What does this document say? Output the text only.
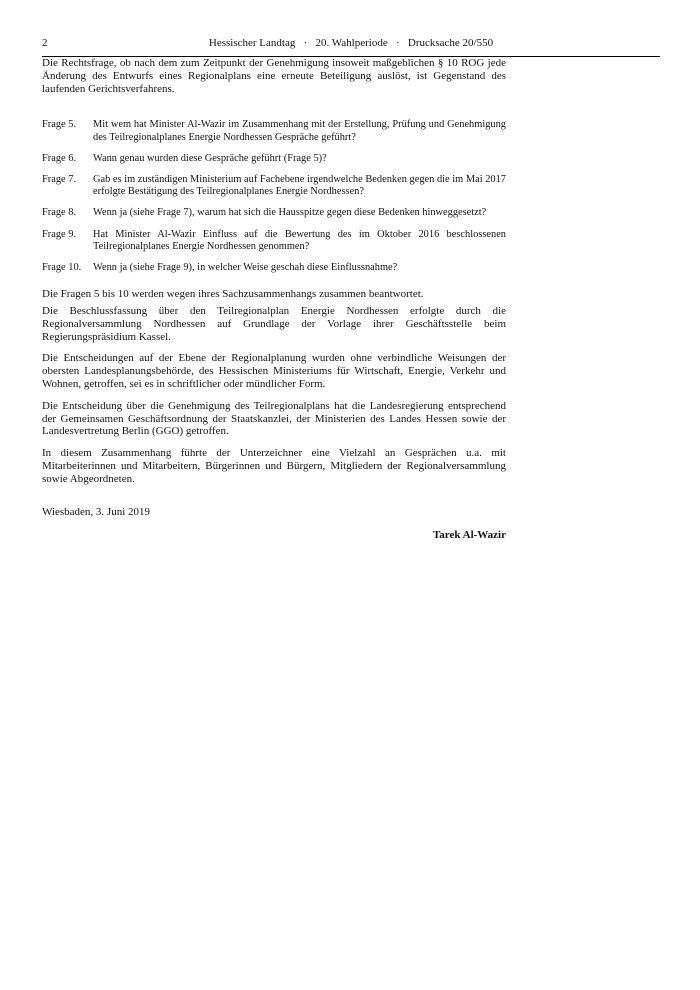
2	Hessischer Landtag   ·   20. Wahlperiode   ·   Drucksache 20/550

Die Rechtsfrage, ob nach dem zum Zeitpunkt der Genehmigung insoweit maßgeblichen § 10 ROG jede Änderung des Entwurfs eines Regionalplans eine erneute Beteiligung auslöst, ist Gegenstand des laufenden Gerichtsverfahrens.

Frage 5.	Mit wem hat Minister Al-Wazir im Zusammenhang mit der Erstellung, Prüfung und Genehmigung des Teilregionalplanes Energie Nordhessen Gespräche geführt?
Frage 6.	Wann genau wurden diese Gespräche geführt (Frage 5)?
Frage 7.	Gab es im zuständigen Ministerium auf Fachebene irgendwelche Bedenken gegen die im Mai 2017 erfolgte Bestätigung des Teilregionalplanes Energie Nordhessen?
Frage 8.	Wenn ja (siehe Frage 7), warum hat sich die Hausspitze gegen diese Bedenken hinweggesetzt?
Frage 9.	Hat Minister Al-Wazir Einfluss auf die Bewertung des im Oktober 2016 beschlossenen Teilregionalplanes Energie Nordhessen genommen?
Frage 10.	Wenn ja (siehe Frage 9), in welcher Weise geschah diese Einflussnahme?

Die Fragen 5 bis 10 werden wegen ihres Sachzusammenhangs zusammen beantwortet.

Die Beschlussfassung über den Teilregionalplan Energie Nordhessen erfolgte durch die Regionalversammlung Nordhessen auf Grundlage der Vorlage ihrer Geschäftsstelle beim Regierungspräsidium Kassel.

Die Entscheidungen auf der Ebene der Regionalplanung wurden ohne verbindliche Weisungen der obersten Landesplanungsbehörde, des Hessischen Ministeriums für Wirtschaft, Energie, Verkehr und Wohnen, getroffen, sei es in schriftlicher oder mündlicher Form.

Die Entscheidung über die Genehmigung des Teilregionalplans hat die Landesregierung entsprechend der Gemeinsamen Geschäftsordnung der Staatskanzlei, der Ministerien des Landes Hessen sowie der Landesvertretung Berlin (GGO) getroffen.

In diesem Zusammenhang führte der Unterzeichner eine Vielzahl an Gesprächen u.a. mit Mitarbeiterinnen und Mitarbeitern, Bürgerinnen und Bürgern, Mitgliedern der Regionalversammlung sowie Abgeordneten.

Wiesbaden, 3. Juni 2019

Tarek Al-Wazir
